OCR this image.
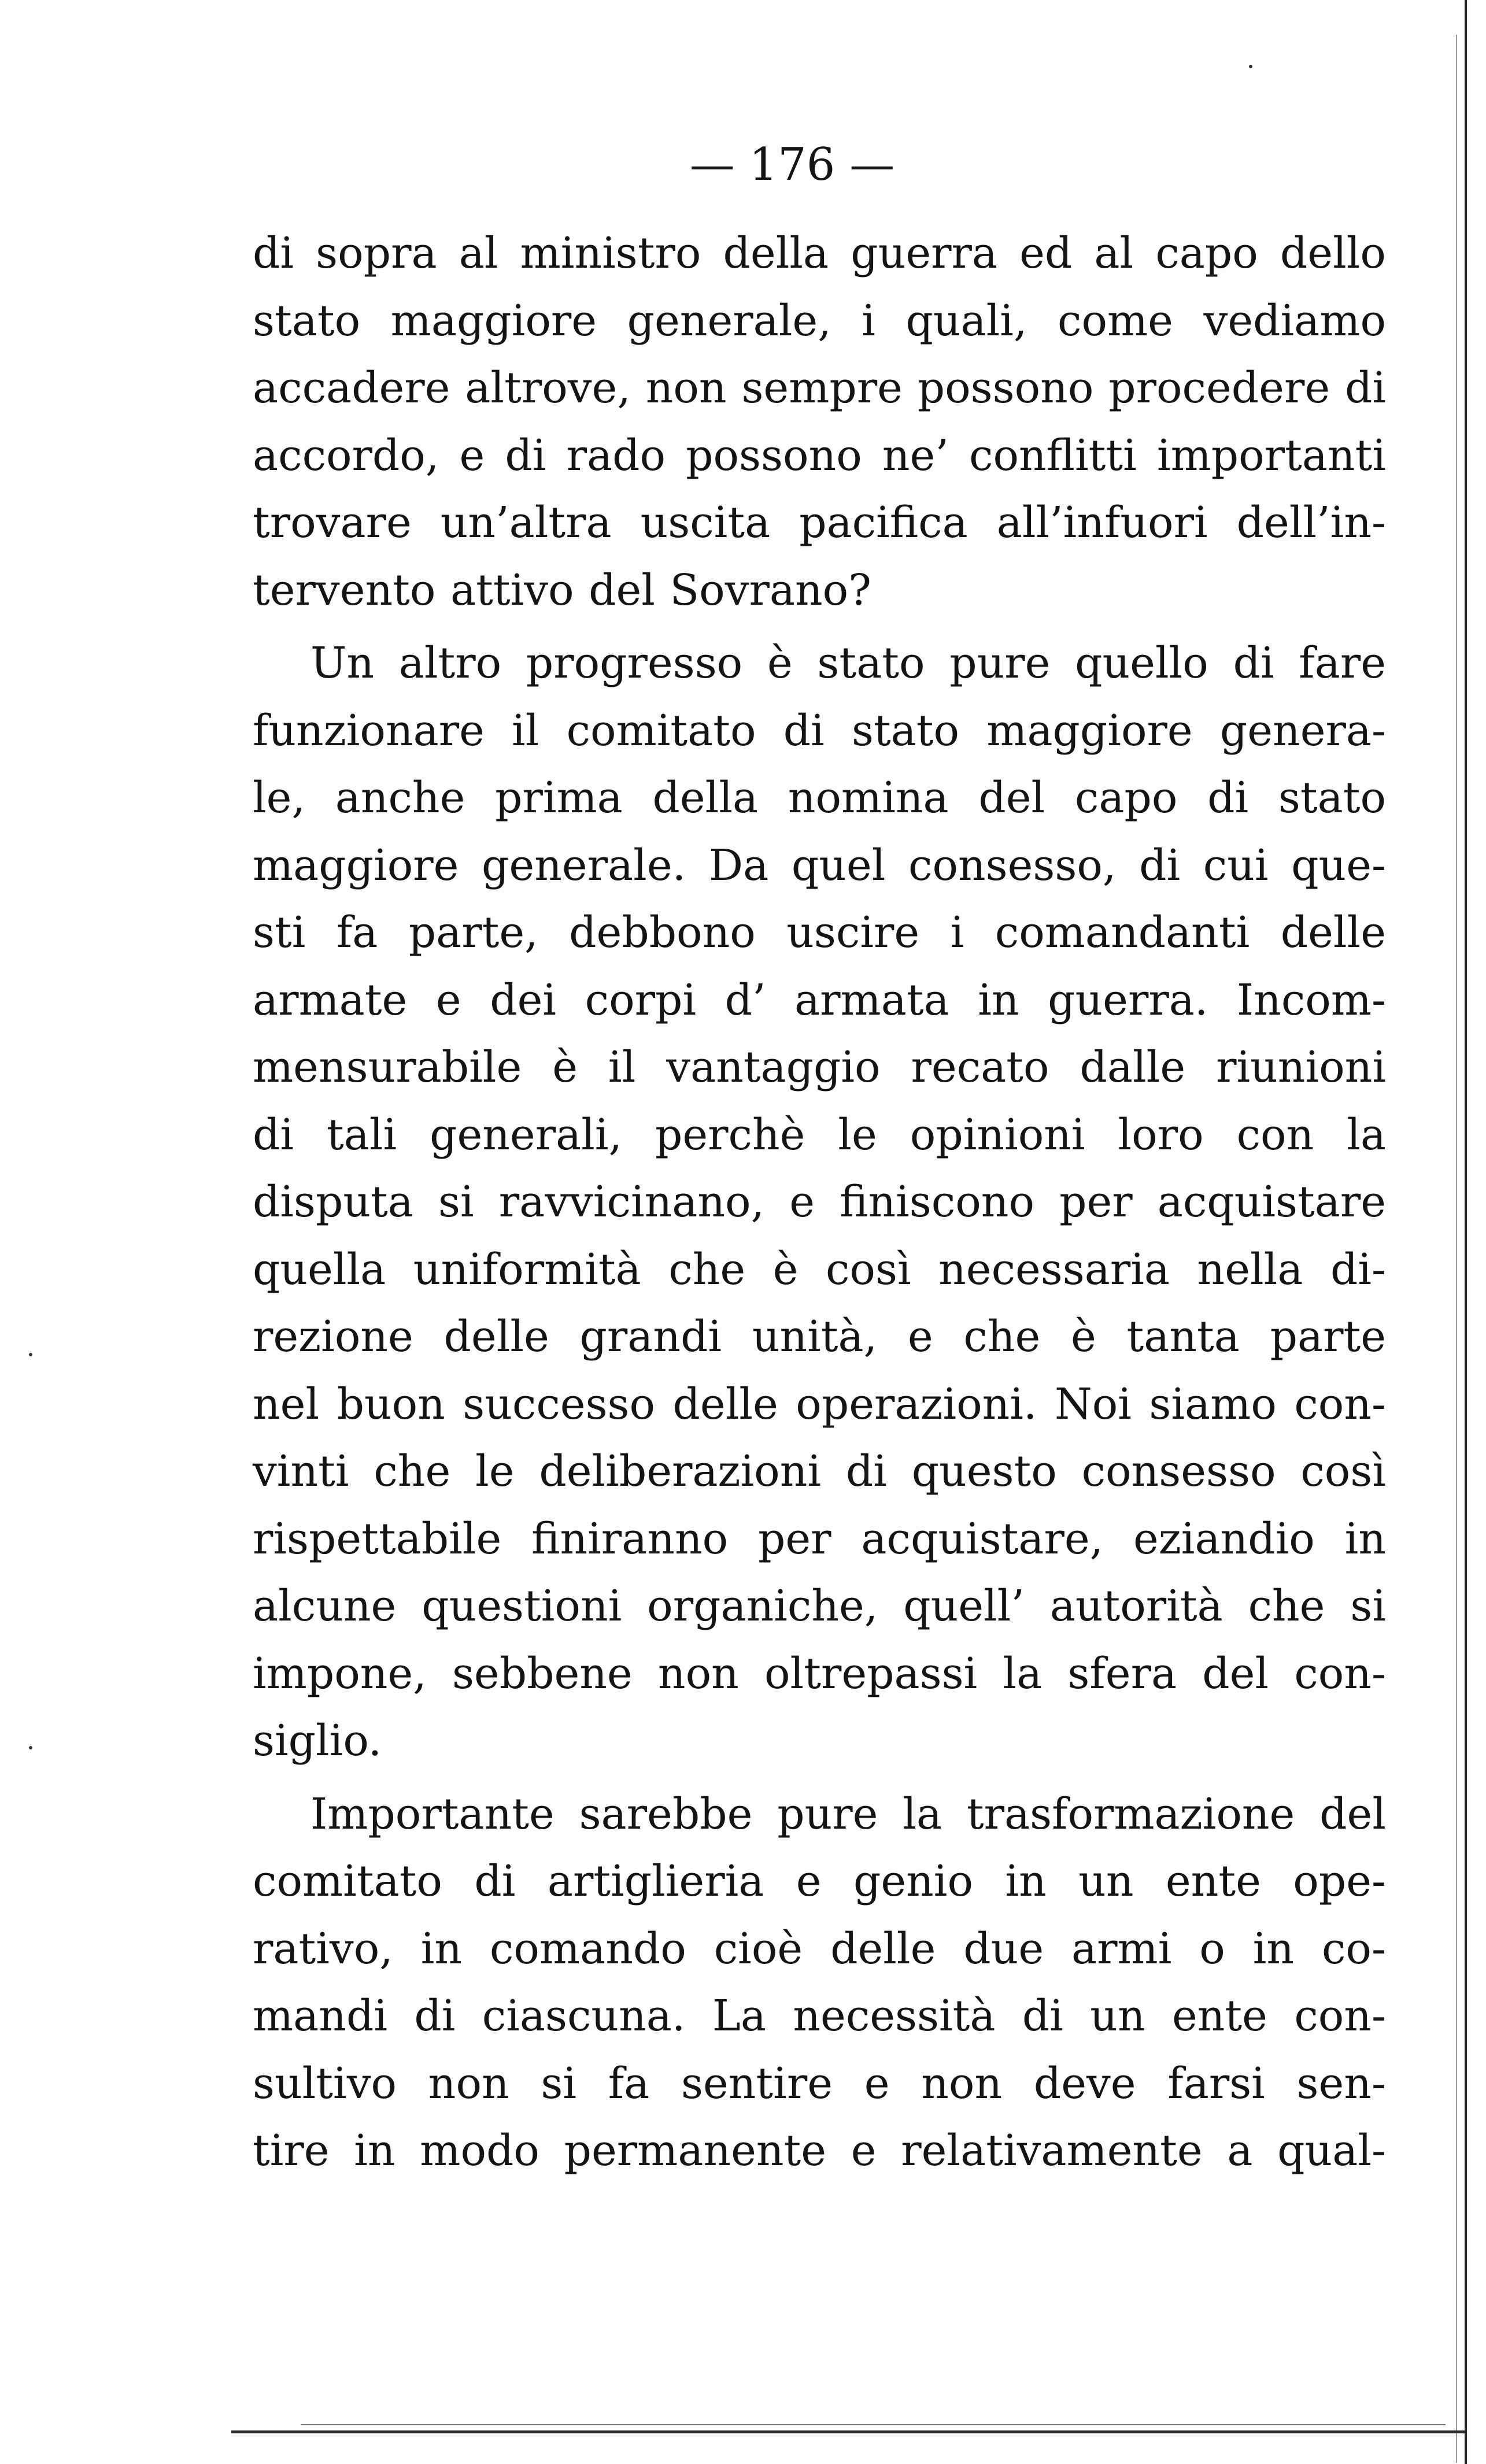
— 176 —
di sopra al ministro della guerra ed al capo dello
stato maggiore generale, i quali, come vediamo
accadere altrove, non sempre possono procedere di
accordo, e di rado possono ne’ conflitti importanti
trovare un’altra uscita pacifica all’infuori dell’in-
tervento attivo del Sovrano?
Un altro progresso è stato pure quello di fare
funzionare il comitato di stato maggiore genera-
le, anche prima della nomina del capo di stato
maggiore generale. Da quel consesso, di cui que-
sti fa parte, debbono uscire i comandanti delle
armate e dei corpi d’ armata in guerra. Incom-
mensurabile è il vantaggio recato dalle riunioni
di tali generali, perchè le opinioni loro con la
disputa si ravvicinano, e finiscono per acquistare
quella uniformità che è così necessaria nella di-
rezione delle grandi unità, e che è tanta parte
nel buon successo delle operazioni. Noi siamo con-
vinti che le deliberazioni di questo consesso così
rispettabile finiranno per acquistare, eziandio in
alcune questioni organiche, quell’ autorità che si
impone, sebbene non oltrepassi la sfera del con-
siglio.
Importante sarebbe pure la trasformazione del
comitato di artiglieria e genio in un ente ope-
rativo, in comando cioè delle due armi o in co-
mandi di ciascuna. La necessità di un ente con-
sultivo non si fa sentire e non deve farsi sen-
tire in modo permanente e relativamente a qual-
